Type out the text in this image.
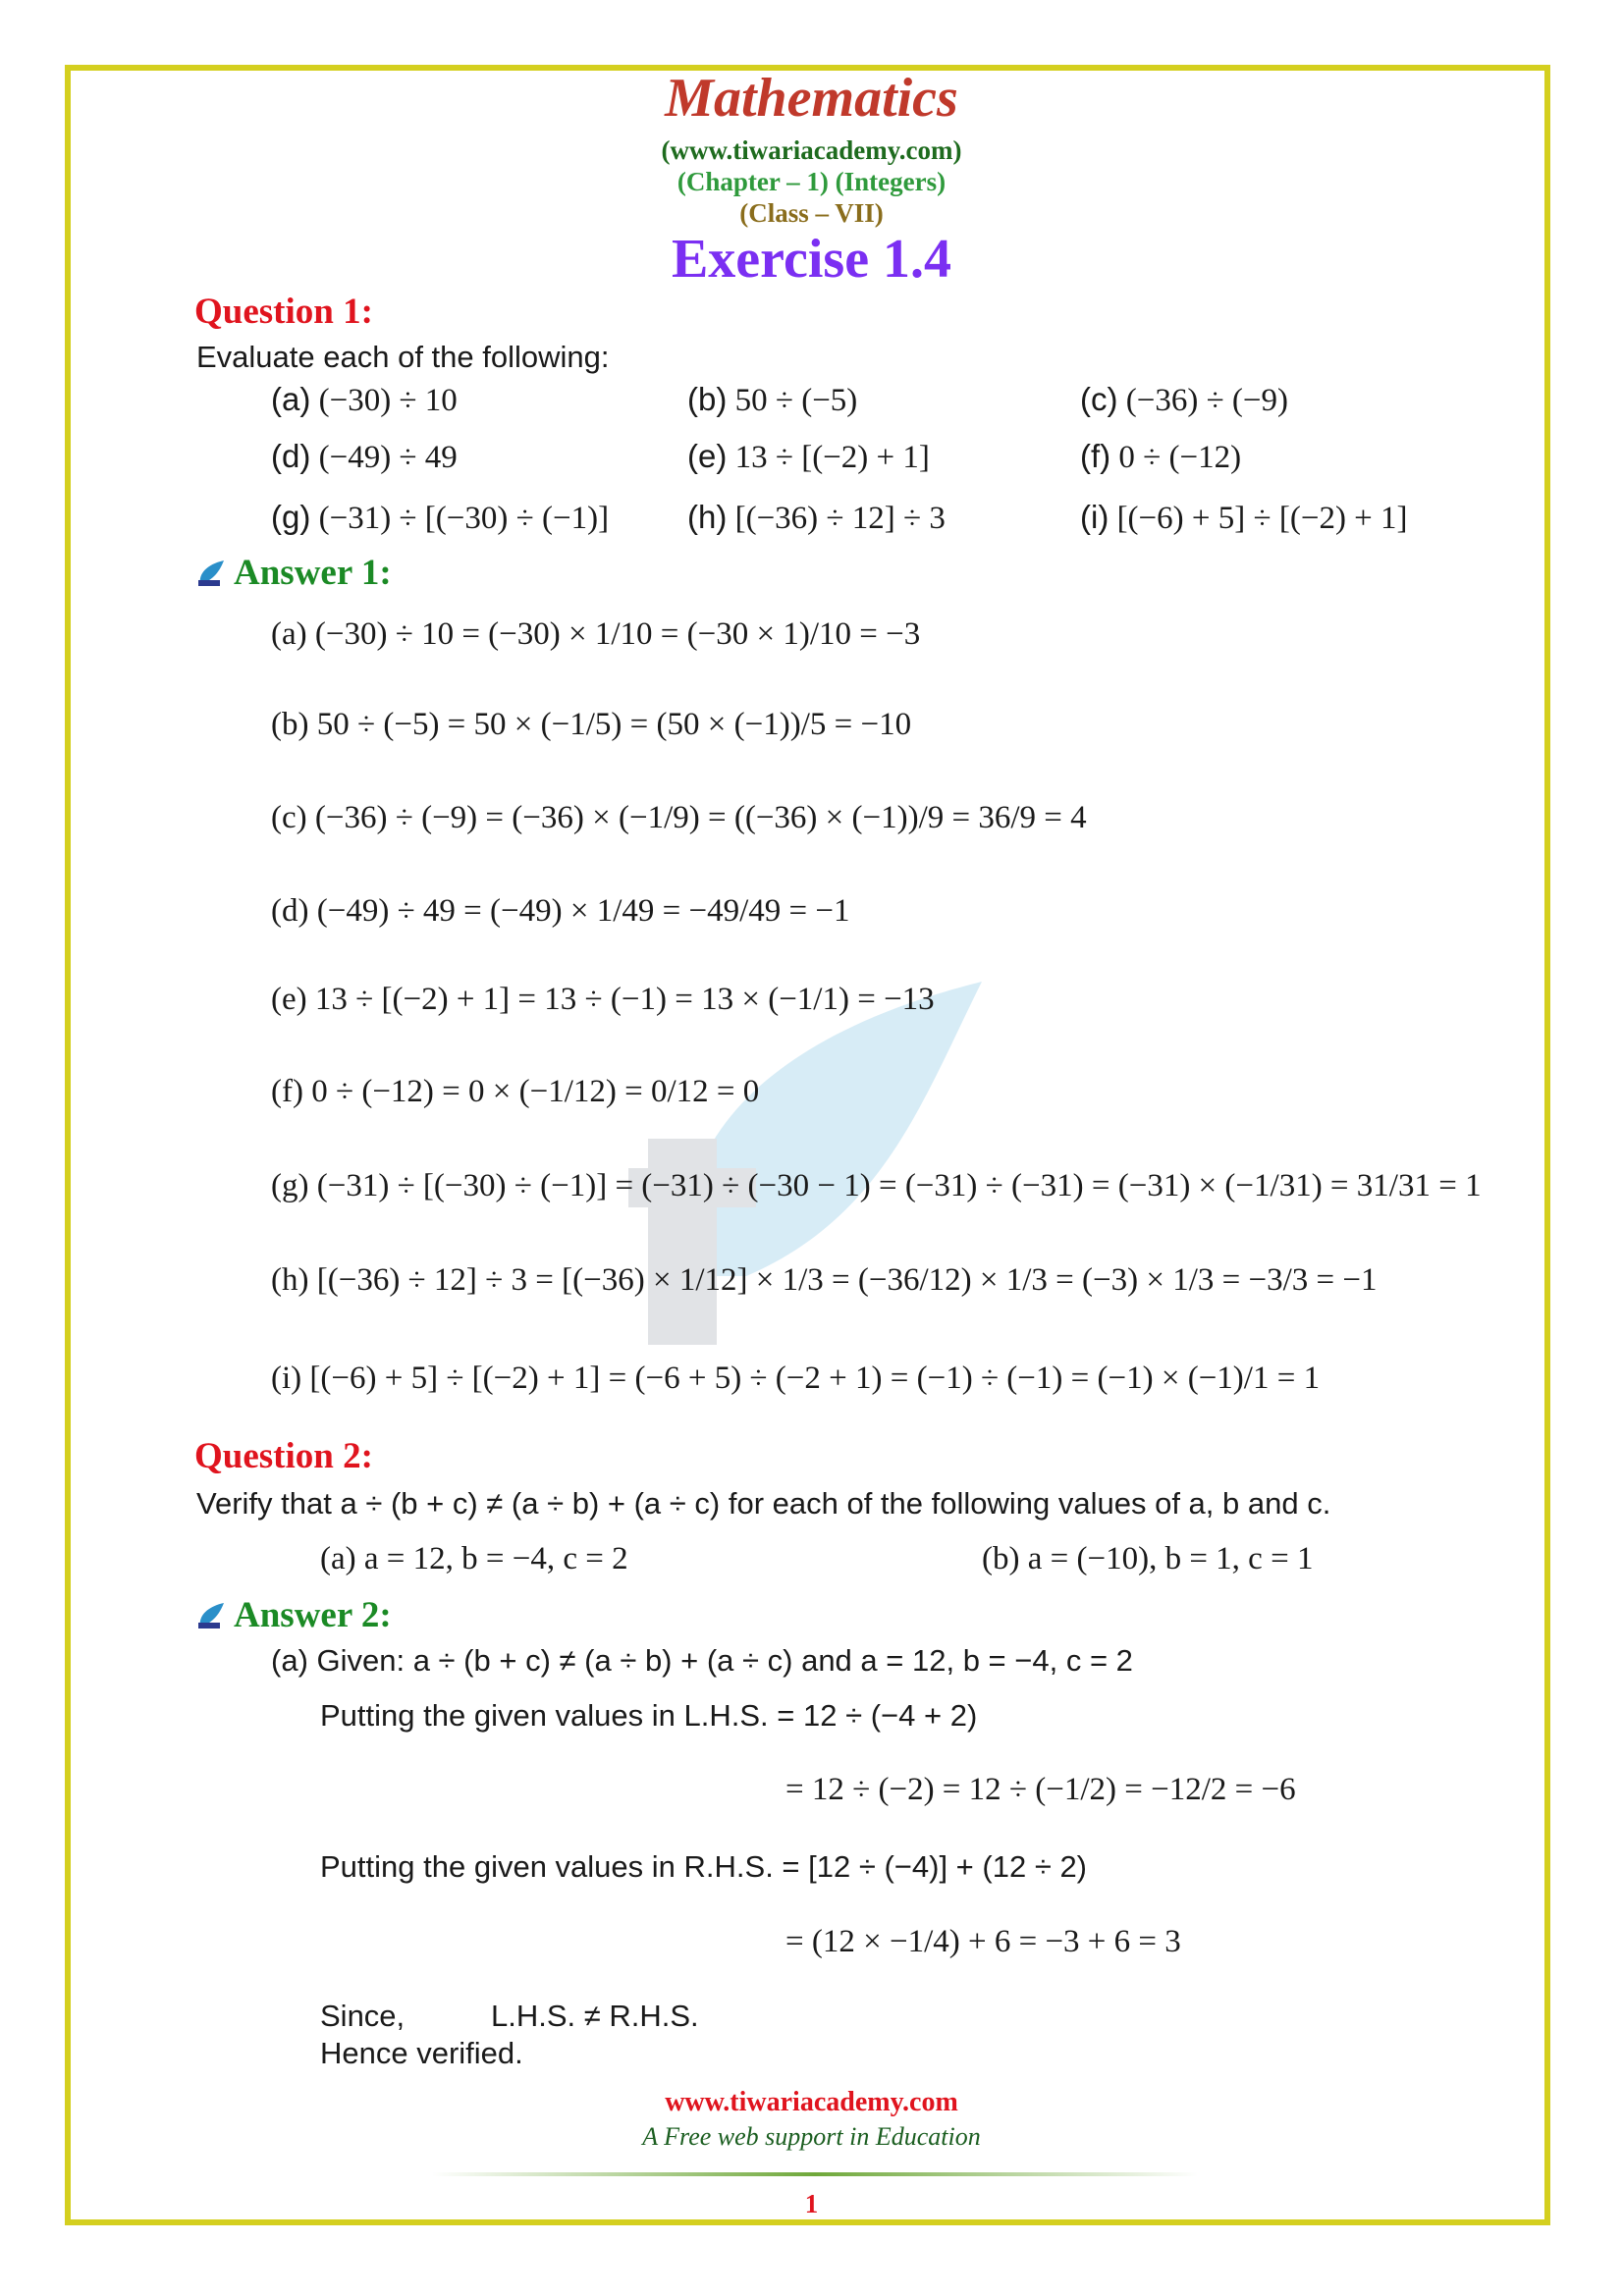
Mathematics
(www.tiwariacademy.com)
(Chapter – 1) (Integers)
(Class – VII)
Exercise 1.4
Question 1:
Evaluate each of the following:
(a) (−30) ÷ 10	(b) 50 ÷ (−5)	(c) (−36) ÷ (−9)
(d) (−49) ÷ 49	(e) 13 ÷ [(−2) + 1]	(f) 0 ÷ (−12)
(g) (−31) ÷ [(−30) ÷ (−1)] (h) [(−36) ÷ 12] ÷ 3	(i) [(−6) + 5] ÷ [(−2) + 1]
Answer 1:
(a) (−30) ÷ 10 = (−30) × 1/10 = (−30 × 1)/10 = −3
(b) 50 ÷ (−5) = 50 × (−1/5) = (50 × (−1))/5 = −10
(c) (−36) ÷ (−9) = (−36) × (−1/9) = ((−36) × (−1))/9 = 36/9 = 4
(d) (−49) ÷ 49 = (−49) × 1/49 = −49/49 = −1
(e) 13 ÷ [(−2) + 1] = 13 ÷ (−1) = 13 × (−1/1) = −13
(f) 0 ÷ (−12) = 0 × (−1/12) = 0/12 = 0
(g) (−31) ÷ [(−30) ÷ (−1)] = (−31) ÷ (−30 − 1) = (−31) ÷ (−31) = (−31) × (−1/31) = 31/31 = 1
(h) [(−36) ÷ 12] ÷ 3 = [(−36) × 1/12] × 1/3 = (−36/12) × 1/3 = (−3) × 1/3 = −3/3 = −1
(i) [(−6) + 5] ÷ [(−2) + 1] = (−6 + 5) ÷ (−2 + 1) = (−1) ÷ (−1) = (−1) × (−1)/1 = 1
Question 2:
Verify that a ÷ (b + c) ≠ (a ÷ b) + (a ÷ c) for each of the following values of a, b and c.
(a) a = 12, b = −4, c = 2	(b) a = (−10), b = 1, c = 1
Answer 2:
(a) Given: a ÷ (b + c) ≠ (a ÷ b) + (a ÷ c) and a = 12, b = −4, c = 2
Putting the given values in L.H.S. = 12 ÷ (−4 + 2)
= 12 ÷ (−2) = 12 ÷ (−1/2) = −12/2 = −6
Putting the given values in R.H.S. = [12 ÷ (−4)] + (12 ÷ 2)
= (12 × −1/4) + 6 = −3 + 6 = 3
Since,	L.H.S. ≠ R.H.S.
Hence verified.
www.tiwariacademy.com
A Free web support in Education
1
